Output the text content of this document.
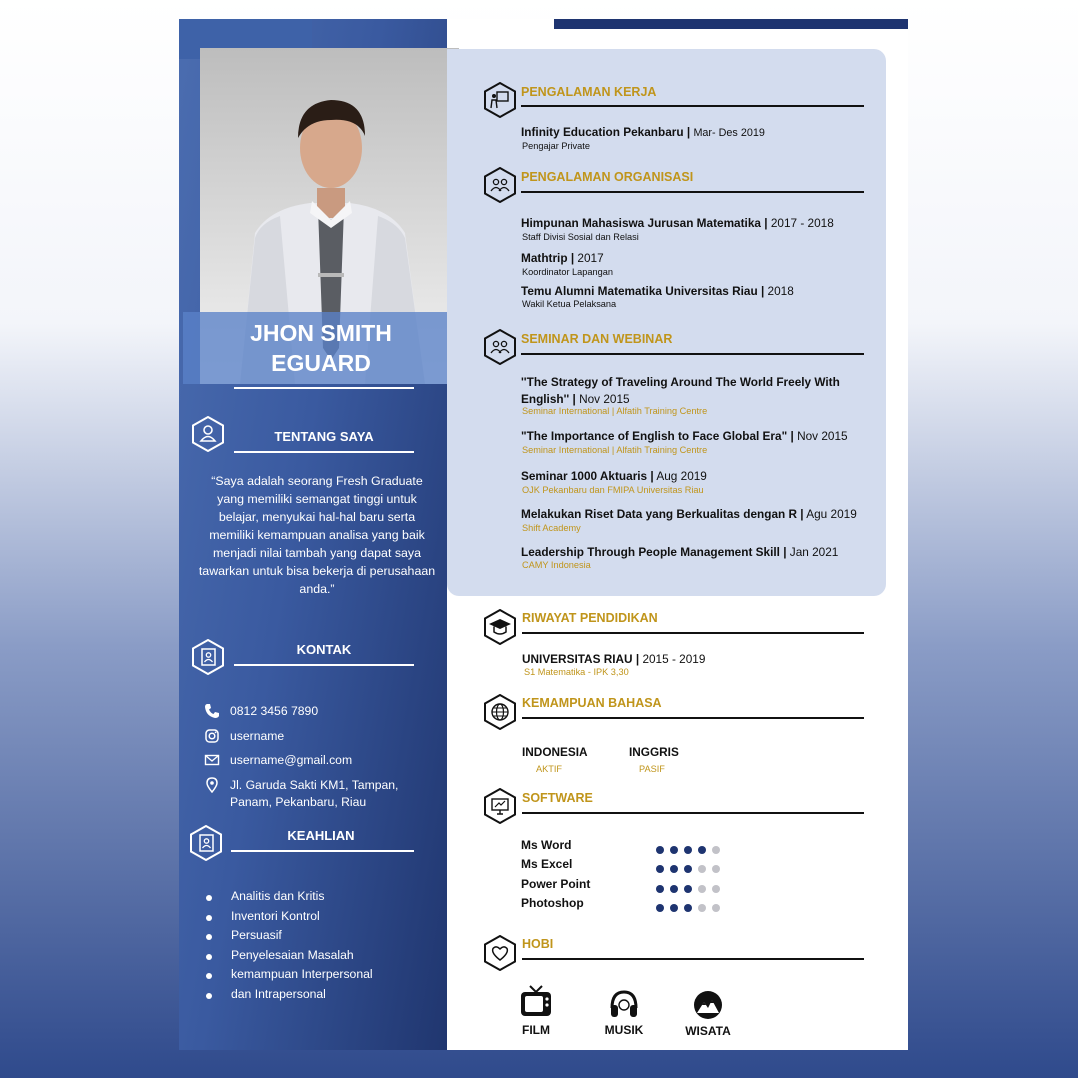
JHON SMITH
EGUARD
TENTANG SAYA
“Saya adalah seorang Fresh Graduate yang memiliki semangat tinggi untuk belajar, menyukai hal-hal baru serta memiliki kemampuan analisa yang baik menjadi nilai tambah yang dapat saya tawarkan untuk bisa bekerja di perusahaan anda.”
KONTAK
0812 3456 7890
username
username@gmail.com
Jl. Garuda Sakti KM1, Tampan,
Panam, Pekanbaru, Riau
KEAHLIAN
Analitis dan Kritis
Inventori Kontrol
Persuasif
Penyelesaian Masalah
kemampuan Interpersonal
dan Intrapersonal
PENGALAMAN KERJA
Infinity Education Pekanbaru | Mar- Des 2019
Pengajar Private
PENGALAMAN ORGANISASI
Himpunan Mahasiswa Jurusan Matematika | 2017 - 2018
Staff Divisi Sosial dan Relasi
Mathtrip | 2017
Koordinator Lapangan
Temu Alumni Matematika Universitas Riau | 2018
Wakil Ketua Pelaksana
SEMINAR DAN WEBINAR
''The Strategy of Traveling Around The World Freely With
English'' | Nov 2015
Seminar International | Alfatih Training Centre
"The Importance of English to Face Global Era" | Nov 2015
Seminar International | Alfatih Training Centre
Seminar 1000 Aktuaris | Aug 2019
OJK Pekanbaru dan FMIPA Universitas Riau
Melakukan Riset Data yang Berkualitas dengan R | Agu 2019
Shift Academy
Leadership Through People Management Skill | Jan 2021
CAMY Indonesia
RIWAYAT PENDIDIKAN
UNIVERSITAS RIAU | 2015 - 2019
S1 Matematika - IPK 3,30
KEMAMPUAN BAHASA
INDONESIA
AKTIF
INGGRIS
PASIF
SOFTWARE
Ms Word
Ms Excel
Power Point
Photoshop
HOBI
FILM	MUSIK	WISATA
